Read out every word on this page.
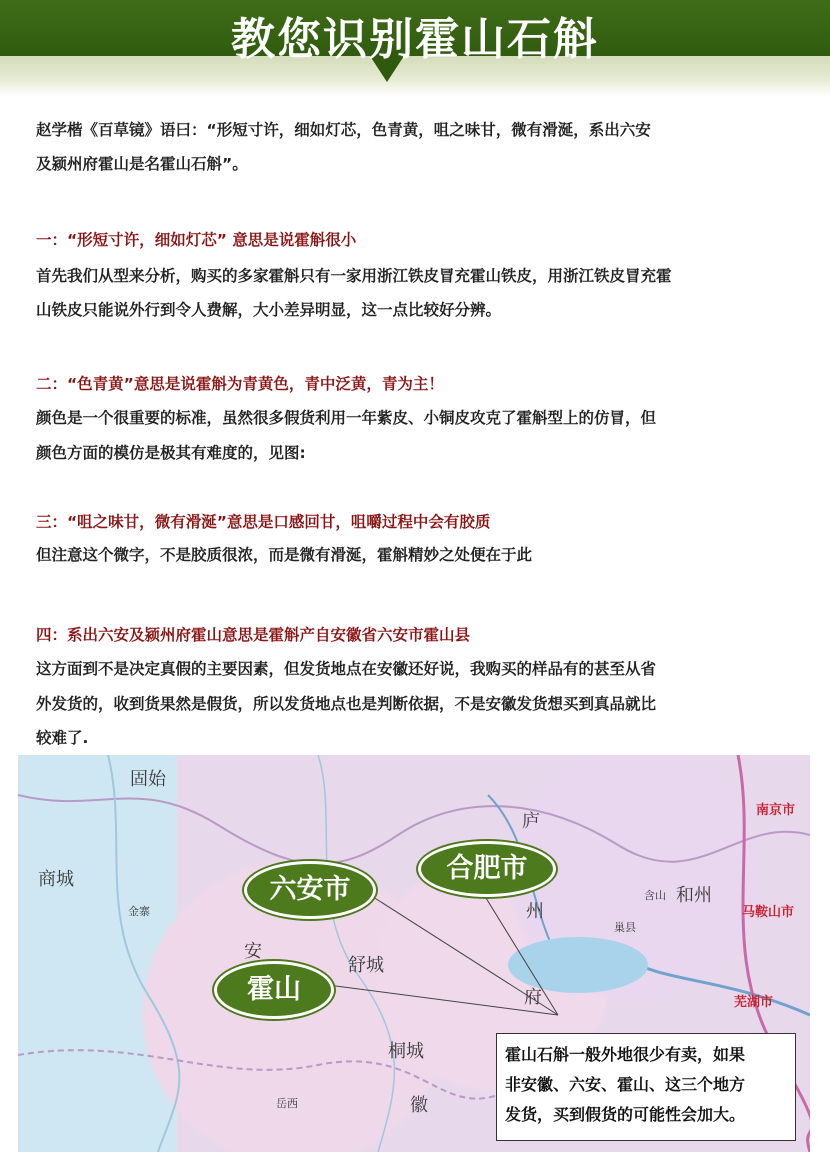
教您识别霍山石斛
赵学楷《百草镜》语曰：“形短寸许，细如灯芯，色青黄，咀之味甘，微有滑涎，系出六安
及颍州府霍山是名霍山石斛”。
一：“形短寸许，细如灯芯” 意思是说霍斛很小
首先我们从型来分析，购买的多家霍斛只有一家用浙江铁皮冒充霍山铁皮，用浙江铁皮冒充霍
山铁皮只能说外行到令人费解，大小差异明显，这一点比较好分辨。
二：“色青黄”意思是说霍斛为青黄色，青中泛黄，青为主！
颜色是一个很重要的标准，虽然很多假货利用一年紫皮、小铜皮攻克了霍斛型上的仿冒，但
颜色方面的模仿是极其有难度的，见图:
三：“咀之味甘，微有滑涎”意思是口感回甘，咀嚼过程中会有胶质
但注意这个微字，不是胶质很浓，而是微有滑涎，霍斛精妙之处便在于此
四：系出六安及颍州府霍山意思是霍斛产自安徽省六安市霍山县
这方面到不是决定真假的主要因素，但发货地点在安徽还好说，我购买的样品有的甚至从省
外发货的，收到货果然是假货，所以发货地点也是判断依据，不是安徽发货想买到真品就比
较难了.
固始
商城
金寨
安
庐
州
府
舒城
南京市
马鞍山市
芜湖市
和州
含山
巢县
桐城
徽
岳西
六安市
合肥市
霍山
霍山石斛一般外地很少有卖，如果
非安徽、六安、霍山、这三个地方
发货，买到假货的可能性会加大。
